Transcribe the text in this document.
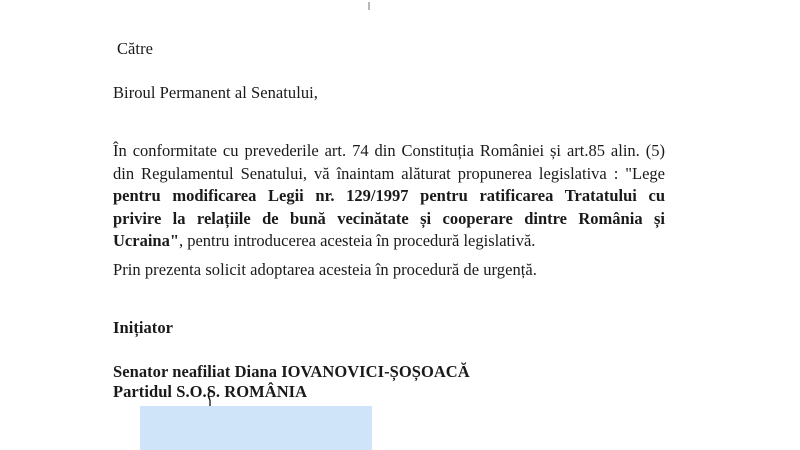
Către
Biroul Permanent al Senatului,
În conformitate cu prevederile art. 74 din Constituția României și art.85 alin. (5)
din Regulamentul Senatului, vă înaintam alăturat propunerea legislativa : "Lege
pentru modificarea Legii nr. 129/1997 pentru ratificarea Tratatului cu
privire la relațiile de bună vecinătate și cooperare dintre România și
Ucraina", pentru introducerea acesteia în procedură legislativă.
Prin prezenta solicit adoptarea acesteia în procedură de urgență.
Inițiator
Senator neafiliat Diana IOVANOVICI-ȘOȘOACĂ
Partidul S.O.S. ROMÂNIA
